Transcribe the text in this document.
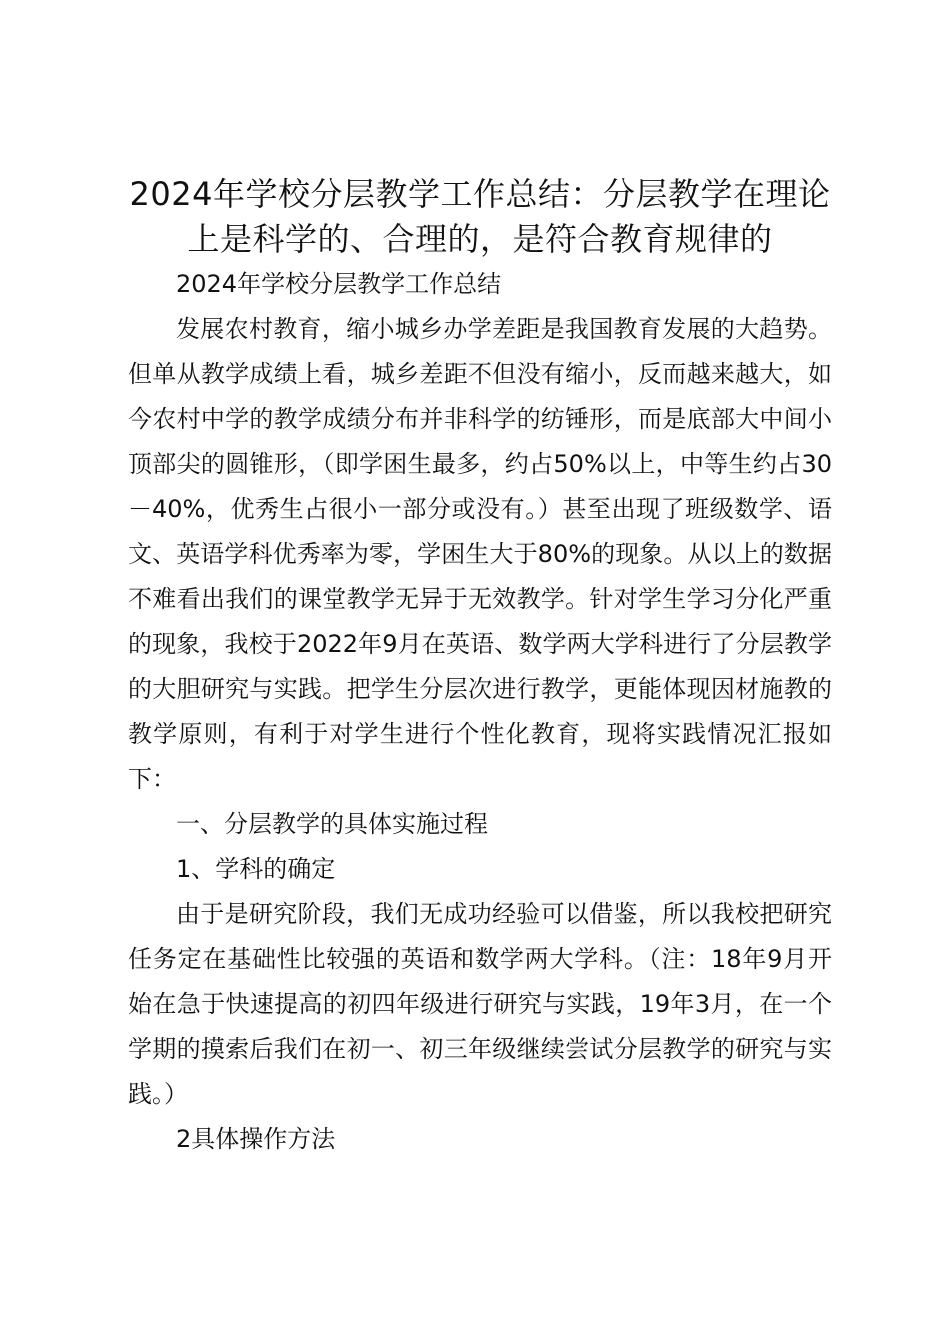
2024年学校分层教学工作总结：分层教学在理论上是科学的、合理的，是符合教育规律的

2024年学校分层教学工作总结

发展农村教育，缩小城乡办学差距是我国教育发展的大趋势。但单从教学成绩上看，城乡差距不但没有缩小，反而越来越大，如今农村中学的教学成绩分布并非科学的纺锤形，而是底部大中间小顶部尖的圆锥形，（即学困生最多，约占50%以上，中等生约占30－40%，优秀生占很小一部分或没有。）甚至出现了班级数学、语文、英语学科优秀率为零，学困生大于80%的现象。从以上的数据不难看出我们的课堂教学无异于无效教学。针对学生学习分化严重的现象，我校于2022年9月在英语、数学两大学科进行了分层教学的大胆研究与实践。把学生分层次进行教学，更能体现因材施教的教学原则，有利于对学生进行个性化教育，现将实践情况汇报如下：

一、分层教学的具体实施过程

1、学科的确定

由于是研究阶段，我们无成功经验可以借鉴，所以我校把研究任务定在基础性比较强的英语和数学两大学科。（注：18年9月开始在急于快速提高的初四年级进行研究与实践，19年3月，在一个学期的摸索后我们在初一、初三年级继续尝试分层教学的研究与实践。）

2具体操作方法
